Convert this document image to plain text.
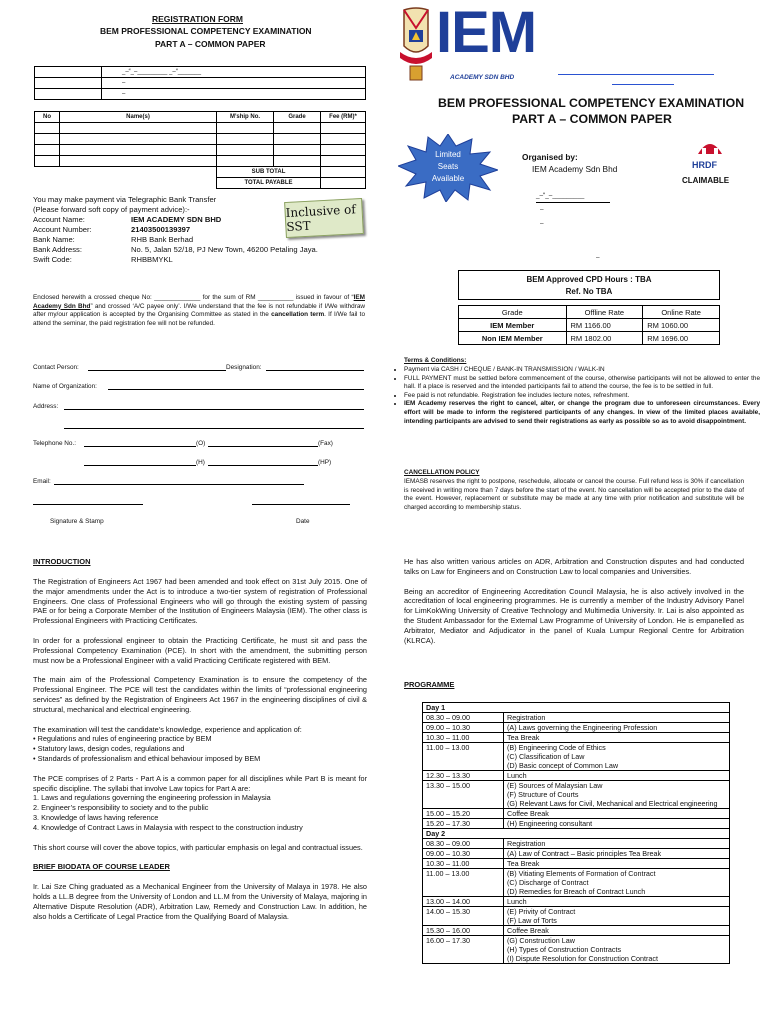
REGISTRATION FORM
BEM PROFESSIONAL COMPETENCY EXAMINATION
PART A – COMMON PAPER
	_–“_–_________ _–“_______
	–
	–
No	Name(s)	M’ship No.	Grade	Fee (RM)*

		SUB TOTAL		
		TOTAL PAYABLE		
You may make payment via Telegraphic Bank Transfer
(Please forward soft copy of payment advice):-
Account Name:	IEM ACADEMY SDN BHD
Account Number:	21403500139397
Bank Name:	RHB Bank Berhad
Bank Address:	No. 5, Jalan 52/18, PJ New Town, 46200 Petaling Jaya.
Swift Code:	RHBBMYKL
Inclusive of SST
Enclosed herewith a crossed cheque No: _____________ for the sum of RM __________ issued in favour of “IEM Academy Sdn Bhd” and crossed ‘A/C payee only’. I/We understand that the fee is not refundable if I/We withdraw after my/our application is accepted by the Organising Committee as stated in the cancellation term. If I/We fail to attend the seminar, the paid registration fee will not be refunded.
Contact Person:	Designation:
Name of Organization:
Address:
Telephone No.:	(O)	(Fax)
(H)	(HP)
Email:
Signature & Stamp	Date
IEM
ACADEMY SDN BHD
BEM PROFESSIONAL COMPETENCY EXAMINATION
PART A – COMMON PAPER
Limited
Seats
Available
Organised by:
IEM Academy Sdn Bhd	HRDF
CLAIMABLE
_–“_–_________
–
–
–
BEM Approved CPD Hours : TBA
Ref. No TBA
Grade	Offline Rate	Online Rate
IEM Member	RM 1166.00	RM 1060.00
Non IEM Member	RM 1802.00	RM 1696.00
Terms & Conditions:
• Payment via CASH / CHEQUE / BANK-IN TRANSMISSION / WALK-IN
• FULL PAYMENT must be settled before commencement of the course, otherwise participants will not be allowed to enter the hall. If a place is reserved and the intended participants fail to attend the course, the fee is to be settled in full.
• Fee paid is not refundable. Registration fee includes lecture notes, refreshment.
• IEM Academy reserves the right to cancel, alter, or change the program due to unforeseen circumstances. Every effort will be made to inform the registered participants of any changes. In view of the limited places available, intending participants are advised to send their registrations as early as possible so as to avoid disappointment.
CANCELLATION POLICY
IEMASB reserves the right to postpone, reschedule, allocate or cancel the course. Full refund less is 30% if cancellation is received in writing more than 7 days before the start of the event. No cancellation will be accepted prior to the date of the event. However, replacement or substitute may be made at any time with prior notification and substitute will be charged according to membership status.
INTRODUCTION

The Registration of Engineers Act 1967 had been amended and took effect on 31st July 2015. One of the major amendments under the Act is to introduce a two-tier system of registration of Professional Engineers. One class of Professional Engineers who will go through the existing system of passing PAE or for being a Corporate Member of the Institution of Engineers Malaysia (IEM). The other class is Professional Engineers with Practicing Certificates.

In order for a professional engineer to obtain the Practicing Certificate, he must sit and pass the Professional Competency Examination (PCE). In short with the amendment, the submitting person must now be a Professional Engineer with a valid Practicing Certificate registered with BEM.

The main aim of the Professional Competency Examination is to ensure the competency of the Professional Engineer. The PCE will test the candidates within the limits of “professional engineering services” as defined by the Registration of Engineers Act 1967 in the engineering disciplines of civil & structural, mechanical and electrical engineering.

The examination will test the candidate’s knowledge, experience and application of:

• Regulations and rules of engineering practice by BEM

• Statutory laws, design codes, regulations and

• Standards of professionalism and ethical behaviour imposed by BEM

The PCE comprises of 2 Parts - Part A is a common paper for all disciplines while Part B is meant for specific discipline. The syllabi that involve Law topics for Part A are:

1. Laws and regulations governing the engineering profession in Malaysia

2. Engineer’s responsibility to society and to the public

3. Knowledge of laws having reference

4. Knowledge of Contract Laws in Malaysia with respect to the construction industry

This short course will cover the above topics, with particular emphasis on legal and contractual issues.

BRIEF BIODATA OF COURSE LEADER

Ir. Lai Sze Ching graduated as a Mechanical Engineer from the University of Malaya in 1978. He also holds a LL.B degree from the University of London and LL.M from the University of Malaya, majoring in Alternative Dispute Resolution (ADR), Arbitration Law, Remedy and Construction Law. In addition, he also holds a Certificate of Legal Practice from the Qualifying Board of Malaysia.

He has also written various articles on ADR, Arbitration and Construction disputes and had conducted talks on Law for Engineers and on Construction Law to local companies and Universities.

Being an accreditor of Engineering Accreditation Council Malaysia, he is also actively involved in the accreditation of local engineering programmes. He is currently a member of the Industry Advisory Panel for LimKokWing University of Creative Technology and Multimedia University. Ir. Lai is also appointed as the Student Ambassador for the External Law Programme of University of London. He is empanelled as Arbitrator, Mediator and Adjudicator in the panel of Kuala Lumpur Regional Centre for Arbitration (KLRCA).

PROGRAMME
Day 1	
08.30 – 09.00	Registration
09.00 – 10.30	(A) Laws governing the Engineering Profession
10.30 – 11.00	Tea Break
11.00 – 13.00	(B) Engineering Code of Ethics
(C) Classification of Law
(D) Basic concept of Common Law
12.30 – 13.30	Lunch
13.30 – 15.00	(E) Sources of Malaysian Law
(F) Structure of Courts
(G) Relevant Laws for Civil, Mechanical and Electrical engineering
15.00 – 15.20	Coffee Break
15.20 – 17.30	(H) Engineering consultant
Day 2	
08.30 – 09.00	Registration
09.00 – 10.30	(A) Law of Contract – Basic principles Tea Break
10.30 – 11.00	Tea Break
11.00 – 13.00	(B) Vitiating Elements of Formation of Contract
(C) Discharge of Contract
(D) Remedies for Breach of Contract Lunch
13.00 – 14.00	Lunch
14.00 – 15.30	(E) Privity of Contract
(F) Law of Torts
15.30 – 16.00	Coffee Break
16.00 – 17.30	(G) Construction Law
(H) Types of Construction Contracts
(I) Dispute Resolution for Construction Contract
